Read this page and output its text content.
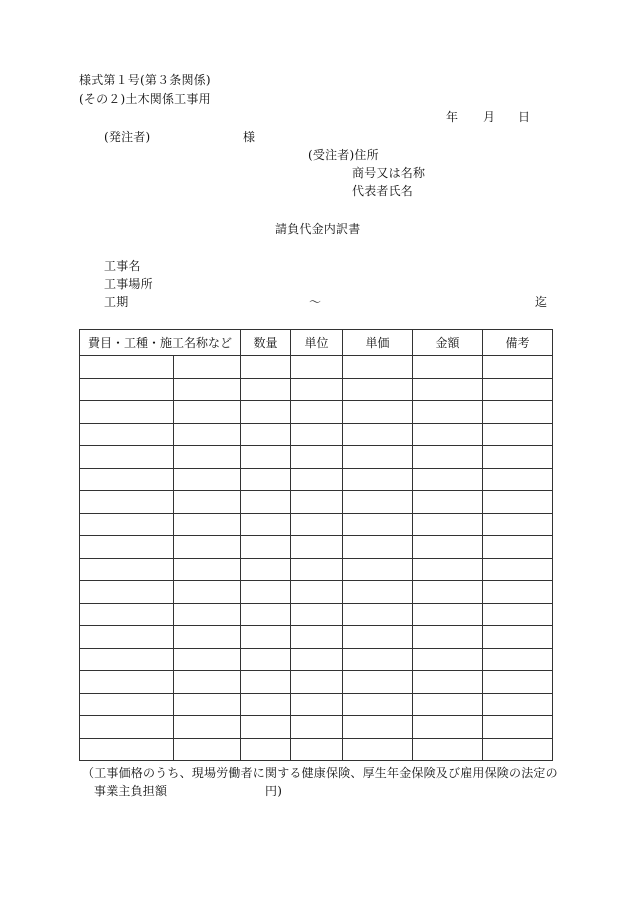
様式第１号(第３条関係)
(その２)土木関係工事用
年 月 日
(発注者)	様
(受注者)住所
商号又は名称
代表者氏名
請負代金内訳書
工事名
工事場所
工期	〜	迄
費目・工種・施工名称など		数量	単位	単価	金額	備考

（工事価格のうち、現場労働者に関する健康保険、厚生年金保険及び雇用保険の法定の
事業主負担額	円)
